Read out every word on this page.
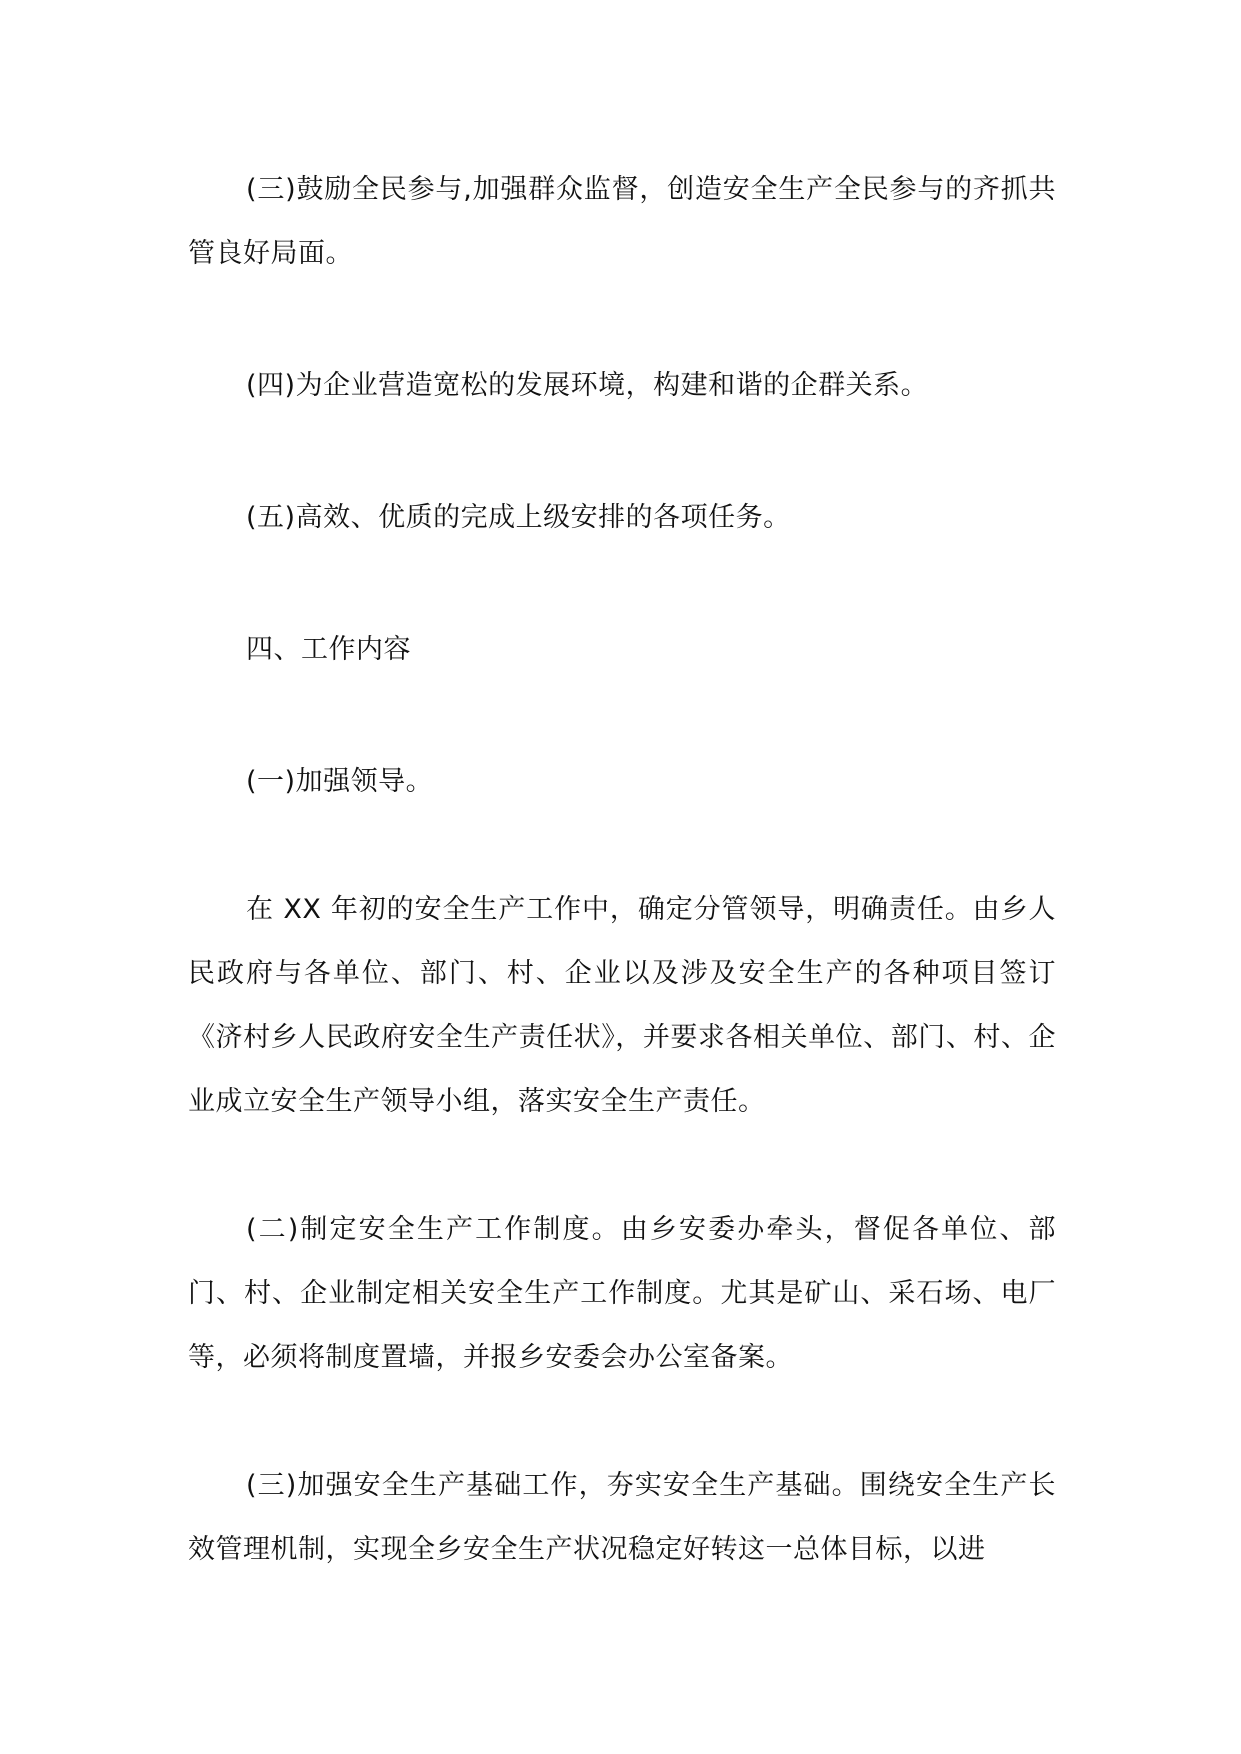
(三)鼓励全民参与,加强群众监督，创造安全生产全民参与的齐抓共管良好局面。

(四)为企业营造宽松的发展环境，构建和谐的企群关系。

(五)高效、优质的完成上级安排的各项任务。

四、工作内容

(一)加强领导。

在 XX 年初的安全生产工作中，确定分管领导，明确责任。由乡人民政府与各单位、部门、村、企业以及涉及安全生产的各种项目签订《济村乡人民政府安全生产责任状》，并要求各相关单位、部门、村、企业成立安全生产领导小组，落实安全生产责任。

(二)制定安全生产工作制度。由乡安委办牵头，督促各单位、部门、村、企业制定相关安全生产工作制度。尤其是矿山、采石场、电厂等，必须将制度置墙，并报乡安委会办公室备案。

(三)加强安全生产基础工作，夯实安全生产基础。围绕安全生产长效管理机制，实现全乡安全生产状况稳定好转这一总体目标，以进
